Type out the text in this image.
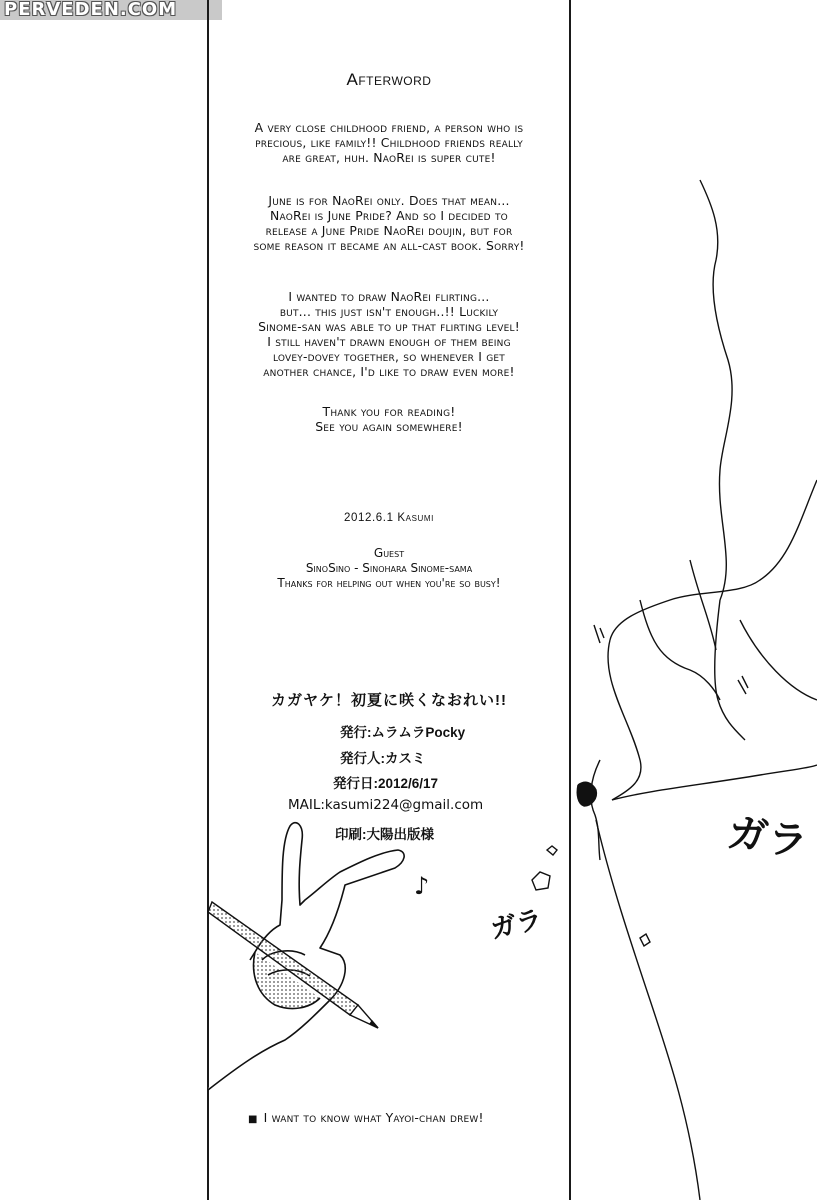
PERVEDEN.COM
Afterword
A very close childhood friend, a person who is
precious, like family!! Childhood friends really
are great, huh. NaoRei is super cute!
June is for NaoRei only. Does that mean...
NaoRei is June Pride? And so I decided to
release a June Pride NaoRei doujin, but for
some reason it became an all-cast book. Sorry!
I wanted to draw NaoRei flirting...
but... this just isn't enough..!! Luckily
Sinome-san was able to up that flirting level!
I still haven't drawn enough of them being
lovey-dovey together, so whenever I get
another chance, I'd like to draw even more!
Thank you for reading!
See you again somewhere!
2012.6.1 Kasumi
Guest
SinoSino - Sinohara Sinome-sama
Thanks for helping out when you're so busy!
カガヤケ！初夏に咲くなおれい!!
発行:ムラムラPocky
発行人:カスミ
発行日:2012/6/17
MAIL:kasumi224@gmail.com
印刷:大陽出版様
♪
ガラ
ガラ
■ I want to know what Yayoi-chan drew!
